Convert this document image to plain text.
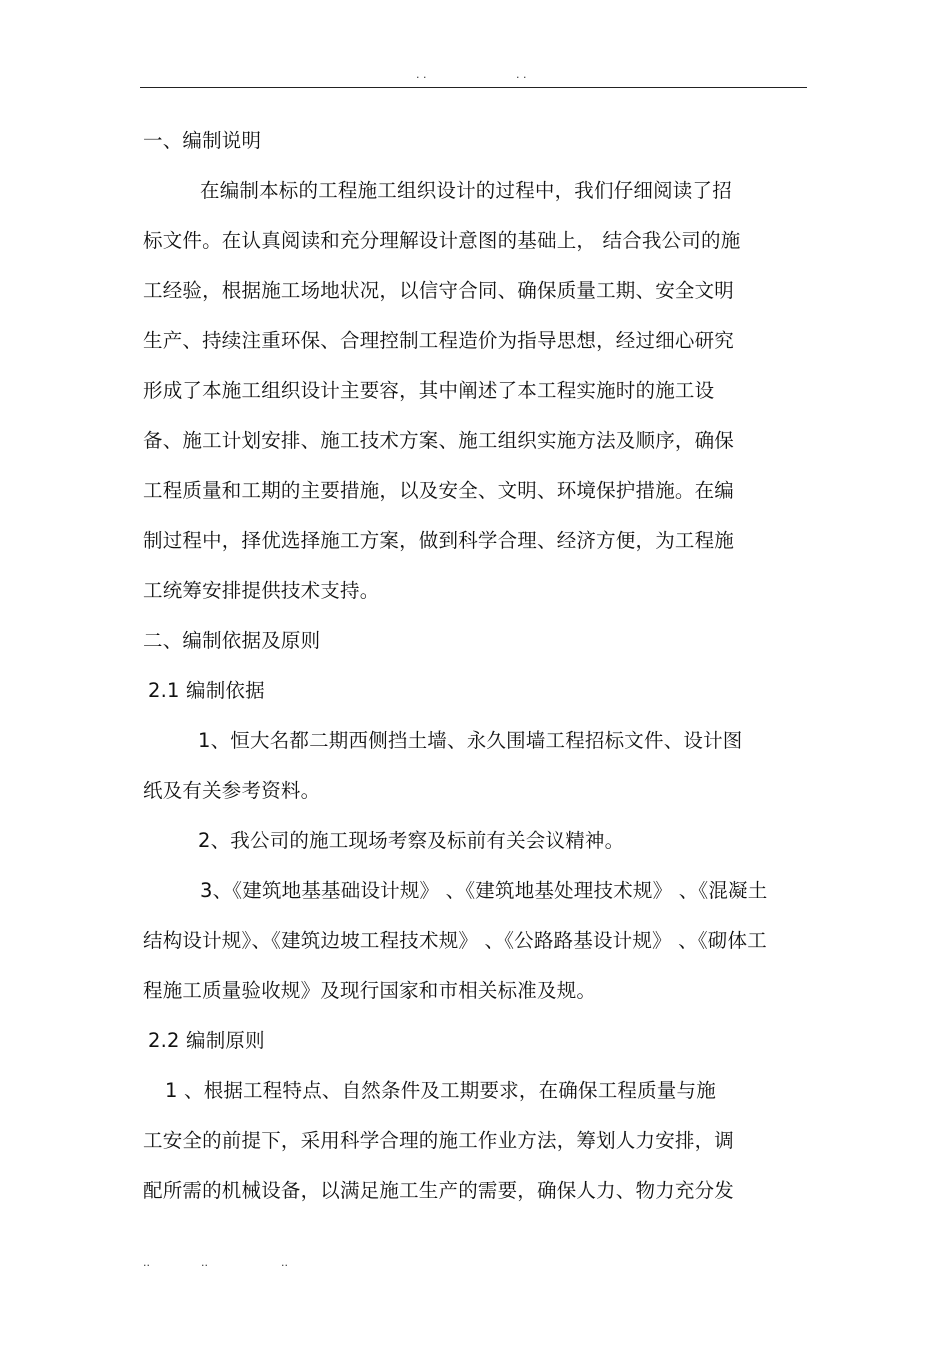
. .	. .
一、编制说明
在编制本标的工程施工组织设计的过程中，我们仔细阅读了招
标文件。在认真阅读和充分理解设计意图的基础上， 结合我公司的施
工经验，根据施工场地状况，以信守合同、确保质量工期、安全文明
生产、持续注重环保、合理控制工程造价为指导思想，经过细心研究
形成了本施工组织设计主要容，其中阐述了本工程实施时的施工设
备、施工计划安排、施工技术方案、施工组织实施方法及顺序，确保
工程质量和工期的主要措施，以及安全、文明、环境保护措施。在编
制过程中，择优选择施工方案，做到科学合理、经济方便，为工程施
工统筹安排提供技术支持。
二、编制依据及原则
2.1 编制依据
1、恒大名都二期西侧挡土墙、永久围墙工程招标文件、设计图
纸及有关参考资料。
2、我公司的施工现场考察及标前有关会议精神。
3、《建筑地基基础设计规》 、《建筑地基处理技术规》 、《混凝土
结构设计规》、《建筑边坡工程技术规》 、《公路路基设计规》 、《砌体工
程施工质量验收规》及现行国家和市相关标准及规。
2.2 编制原则
1 、根据工程特点、自然条件及工期要求，在确保工程质量与施
工安全的前提下，采用科学合理的施工作业方法，筹划人力安排，调
配所需的机械设备，以满足施工生产的需要，确保人力、物力充分发
..	..	..
